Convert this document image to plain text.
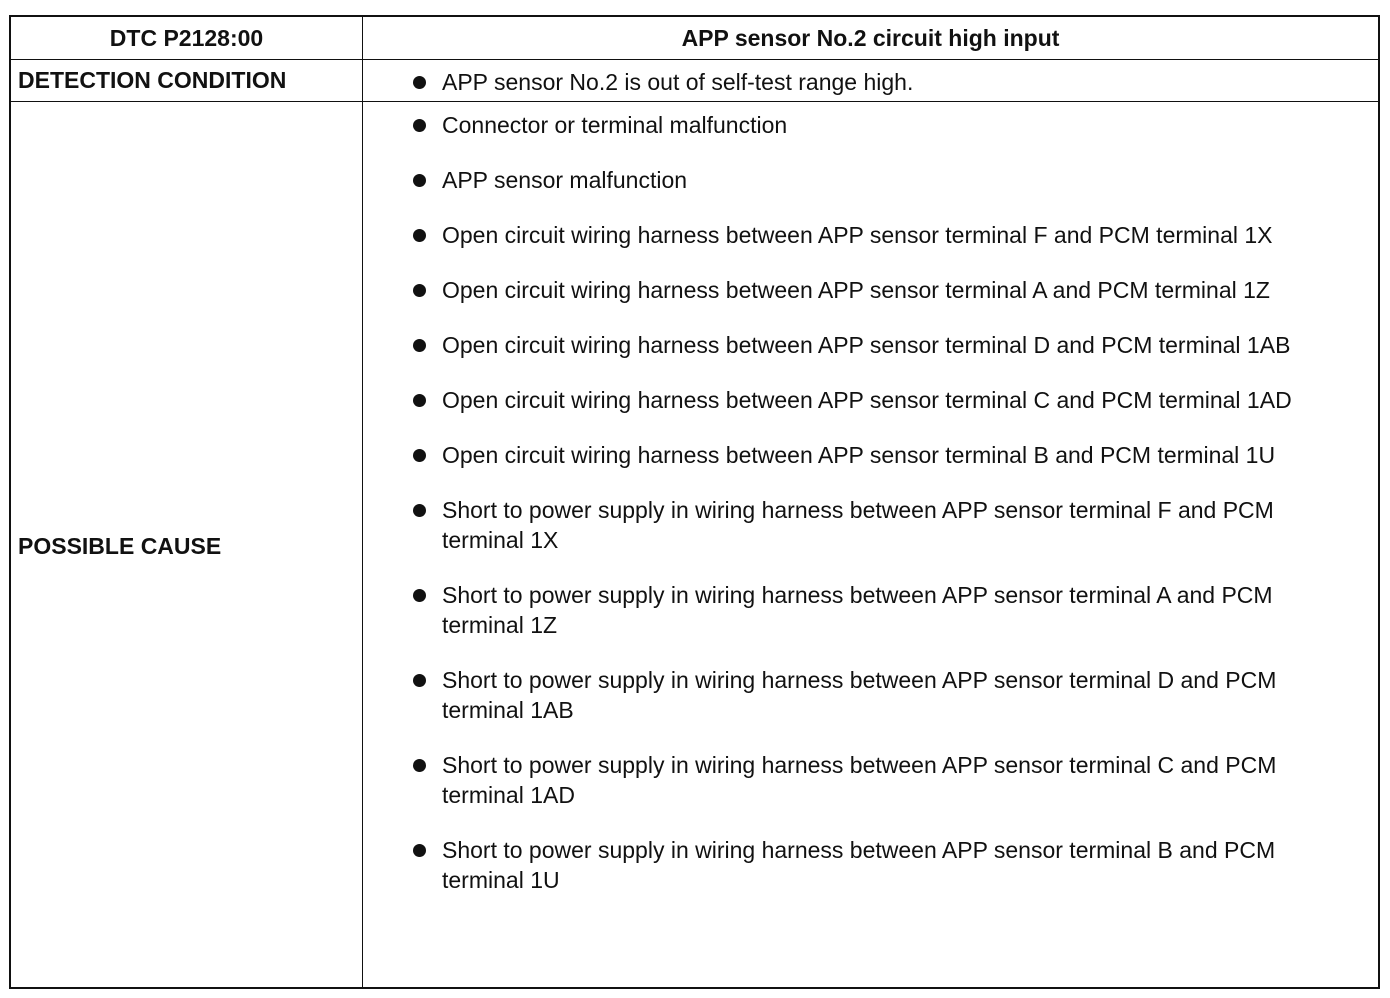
DTC P2128:00	APP sensor No.2 circuit high input
DETECTION CONDITION	APP sensor No.2 is out of self-test range high.
POSSIBLE CAUSE
Connector or terminal malfunction
APP sensor malfunction
Open circuit wiring harness between APP sensor terminal F and PCM terminal 1X
Open circuit wiring harness between APP sensor terminal A and PCM terminal 1Z
Open circuit wiring harness between APP sensor terminal D and PCM terminal 1AB
Open circuit wiring harness between APP sensor terminal C and PCM terminal 1AD
Open circuit wiring harness between APP sensor terminal B and PCM terminal 1U
Short to power supply in wiring harness between APP sensor terminal F and PCM terminal 1X
Short to power supply in wiring harness between APP sensor terminal A and PCM terminal 1Z
Short to power supply in wiring harness between APP sensor terminal D and PCM terminal 1AB
Short to power supply in wiring harness between APP sensor terminal C and PCM terminal 1AD
Short to power supply in wiring harness between APP sensor terminal B and PCM terminal 1U
